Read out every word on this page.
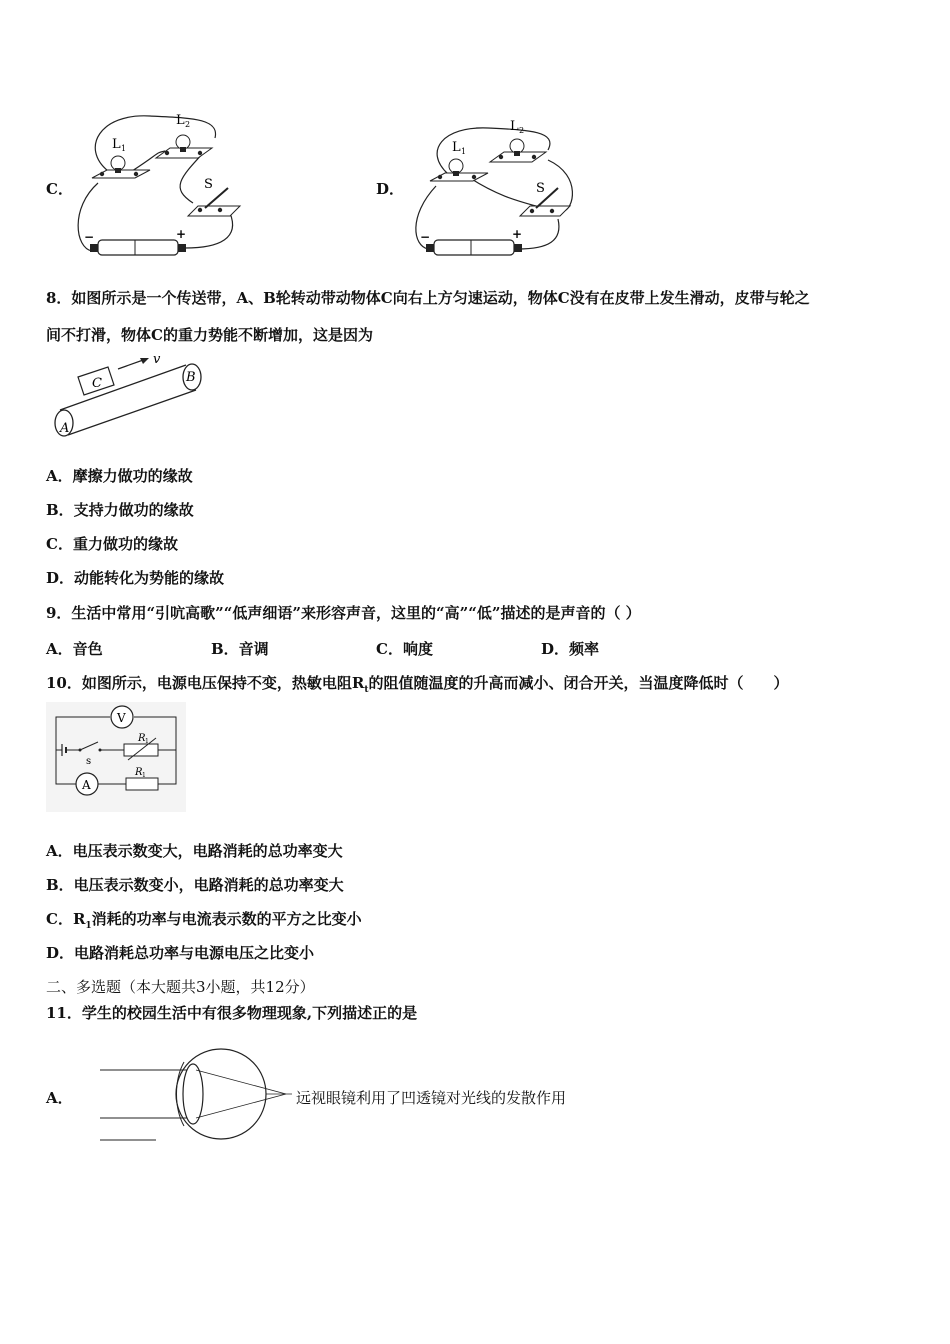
C．
L 1
L 2
S
−	+
D．
L 1
L 2
S
−	+
8．如图所示是一个传送带，A、B轮转动带动物体C向右上方匀速运动，物体C没有在皮带上发生滑动，皮带与轮之
间不打滑，物体C的重力势能不断增加，这是因为
A
B
C
v
A．摩擦力做功的缘故
B．支持力做功的缘故
C．重力做功的缘故
D．动能转化为势能的缘故
9．生活中常用“引吭高歌”“低声细语”来形容声音，这里的“高”“低”描述的是声音的（ ）
A．音色	B．音调	C．响度	D．频率
10．如图所示，电源电压保持不变，热敏电阻$R_t$的阻值随温度的升高而减小、闭合开关，当温度降低时（　　）
V
A
s
R 1
R 1
A．电压表示数变大，电路消耗的总功率变大
B．电压表示数变小，电路消耗的总功率变大
C．$R_1$消耗的功率与电流表示数的平方之比变小
D．电路消耗总功率与电源电压之比变小
二、多选题（本大题共3小题，共12分）
11．学生的校园生活中有很多物理现象,下列描述正的是
A．	远视眼镜利用了凹透镜对光线的发散作用
